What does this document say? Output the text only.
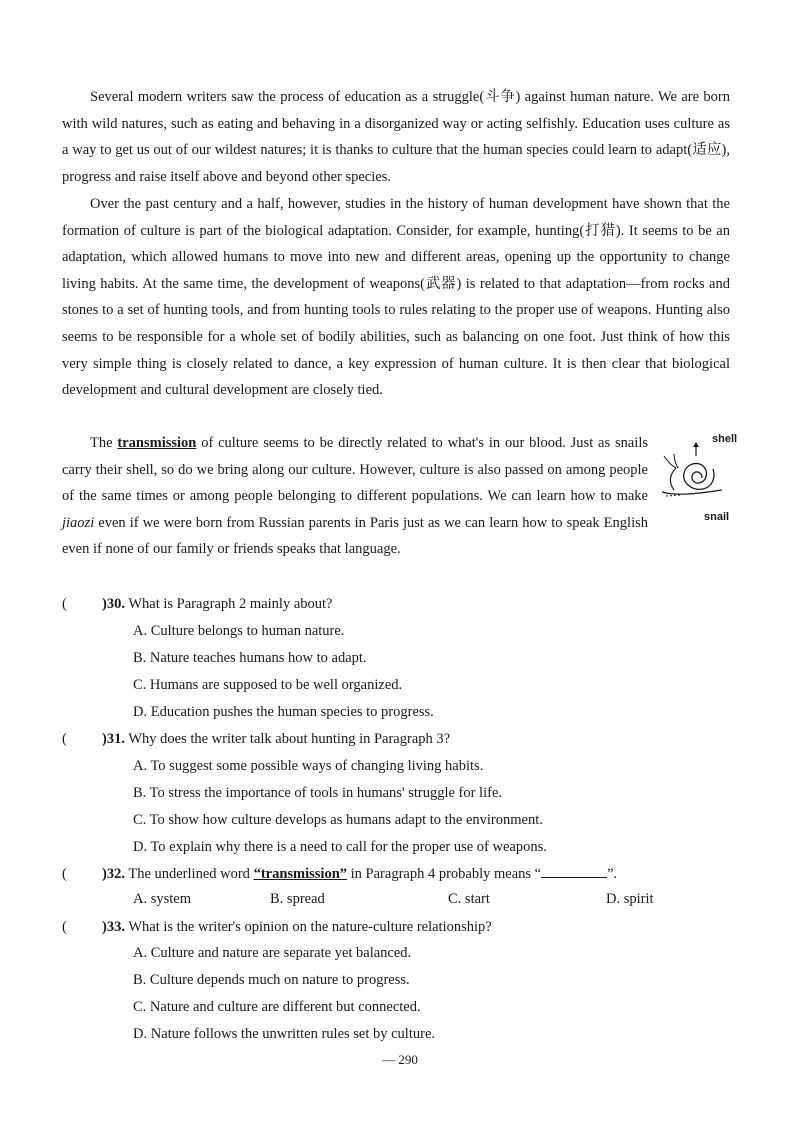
Several modern writers saw the process of education as a struggle(斗争) against human nature. We are born with wild natures, such as eating and behaving in a disorganized way or acting selfishly. Education uses culture as a way to get us out of our wildest natures; it is thanks to culture that the human species could learn to adapt(适应), progress and raise itself above and beyond other species.

Over the past century and a half, however, studies in the history of human development have shown that the formation of culture is part of the biological adaptation. Consider, for example, hunting(打猎). It seems to be an adaptation, which allowed humans to move into new and different areas, opening up the opportunity to change living habits. At the same time, the development of weapons(武器) is related to that adaptation—from rocks and stones to a set of hunting tools, and from hunting tools to rules relating to the proper use of weapons. Hunting also seems to be responsible for a whole set of bodily abilities, such as balancing on one foot. Just think of how this very simple thing is closely related to dance, a key expression of human culture. It is then clear that biological development and cultural development are closely tied.

shell
snail
The transmission of culture seems to be directly related to what's in our blood. Just as snails carry their shell, so do we bring along our culture. However, culture is also passed on among people of the same times or among people belonging to different populations. We can learn how to make jiaozi even if we were born from Russian parents in Paris just as we can learn how to speak English even if none of our family or friends speaks that language.

( )30. What is Paragraph 2 mainly about?
A. Culture belongs to human nature.
B. Nature teaches humans how to adapt.
C. Humans are supposed to be well organized.
D. Education pushes the human species to progress.
( )31. Why does the writer talk about hunting in Paragraph 3?
A. To suggest some possible ways of changing living habits.
B. To stress the importance of tools in humans' struggle for life.
C. To show how culture develops as humans adapt to the environment.
D. To explain why there is a need to call for the proper use of weapons.
( )32. The underlined word “transmission” in Paragraph 4 probably means “	”.
A. system	B. spread	C. start	D. spirit
( )33. What is the writer's opinion on the nature-culture relationship?
A. Culture and nature are separate yet balanced.
B. Culture depends much on nature to progress.
C. Nature and culture are different but connected.
D. Nature follows the unwritten rules set by culture.
— 290
